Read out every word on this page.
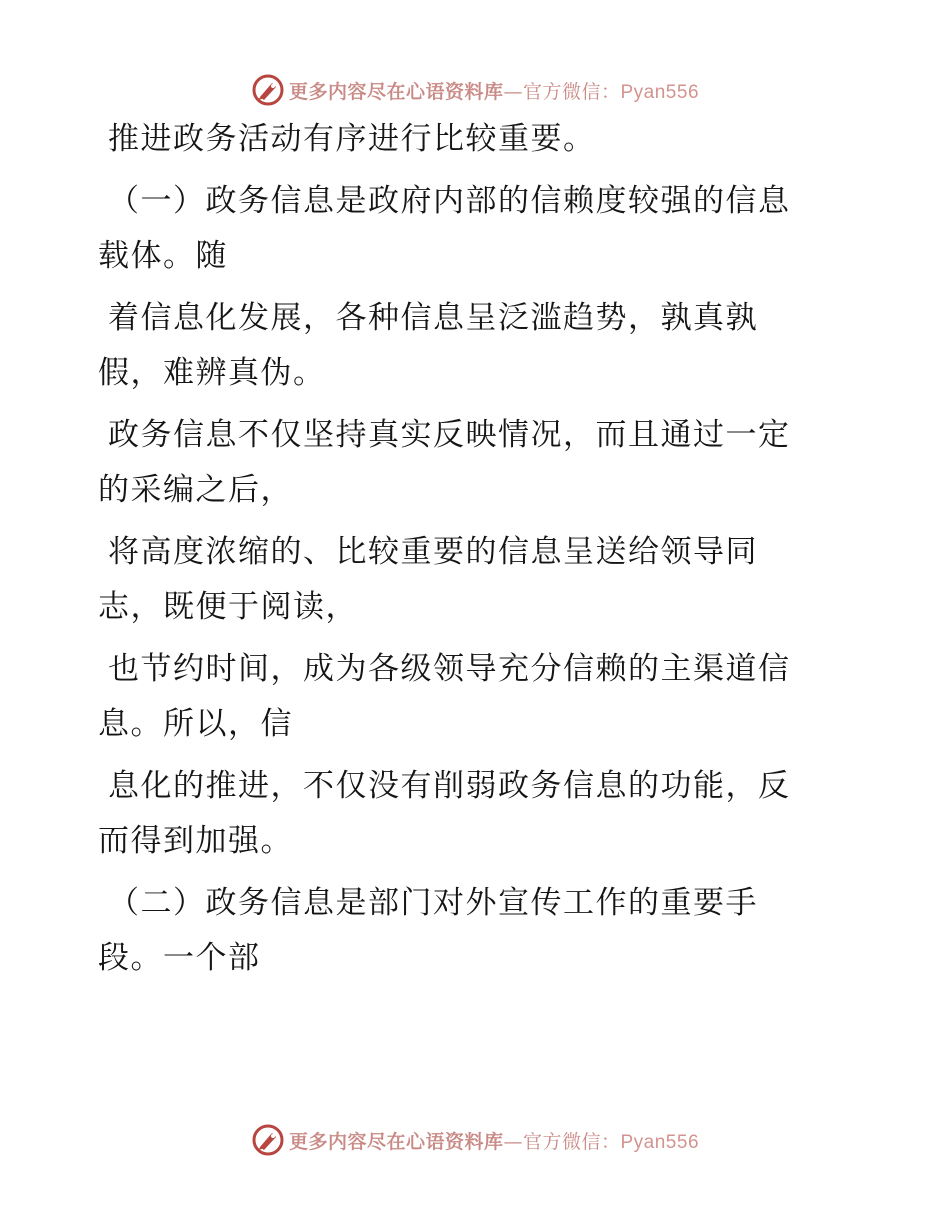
更多内容尽在心语资料库—官方微信：Pyan556
推进政务活动有序进行比较重要。
（一）政务信息是政府内部的信赖度较强的信息
载体。随
着信息化发展，各种信息呈泛滥趋势，孰真孰
假，难辨真伪。
政务信息不仅坚持真实反映情况，而且通过一定
的采编之后，
将高度浓缩的、比较重要的信息呈送给领导同
志，既便于阅读，
也节约时间，成为各级领导充分信赖的主渠道信
息。所以，信
息化的推进，不仅没有削弱政务信息的功能，反
而得到加强。
（二）政务信息是部门对外宣传工作的重要手
段。一个部
更多内容尽在心语资料库—官方微信：Pyan556
